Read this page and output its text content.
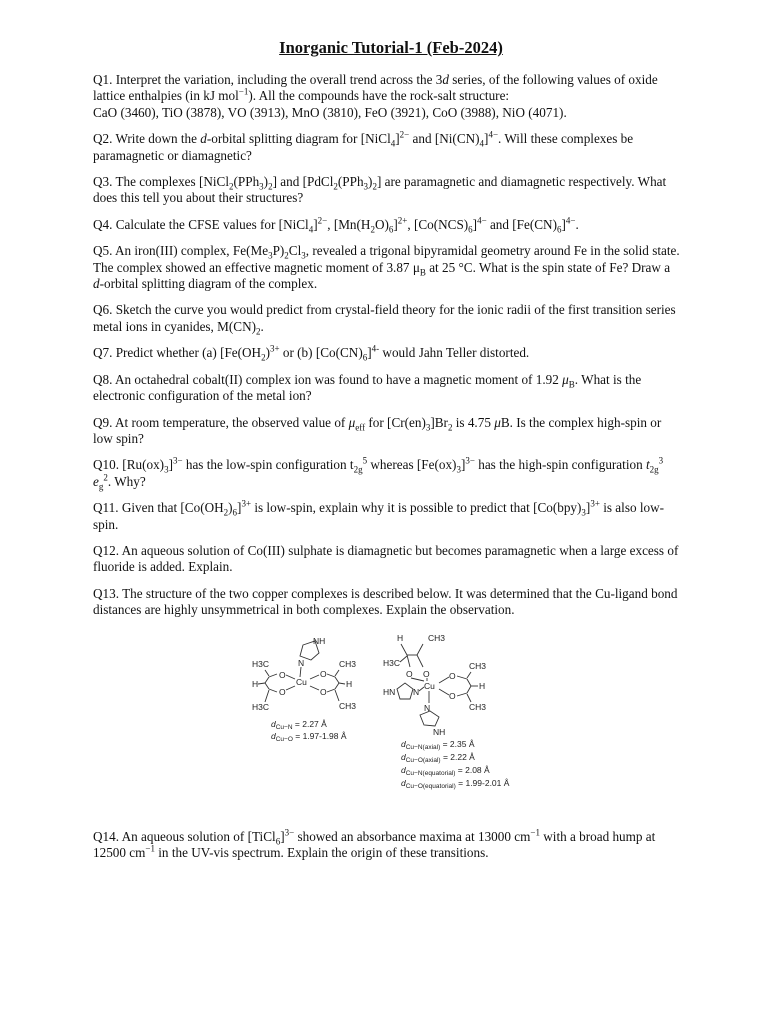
Inorganic Tutorial-1 (Feb-2024)

Q1. Interpret the variation, including the overall trend across the 3d series, of the following values of oxide lattice enthalpies (in kJ mol$^{-1}$). All the compounds have the rock-salt structure:

CaO (3460), TiO (3878), VO (3913), MnO (3810), FeO (3921), CoO (3988), NiO (4071).

Q2. Write down the d-orbital splitting diagram for [NiCl$_4$]$^{2-}$ and $[Ni(CN)_4]^{4-}$. Will these complexes be paramagnetic or diamagnetic?

Q3. The complexes $[NiCl_2(PPh_3)_2]$ and $[PdCl_2(PPh_3)_2]$ are paramagnetic and diamagnetic respectively. What does this tell you about their structures?

Q4. Calculate the CFSE values for [NiCl$_4$]$^{2-}$, $[Mn(H_2O)_6]^{2+}$, $[Co(NCS)_6]^{4-}$ and $[Fe(CN)_6]^{4-}$.

Q5. An iron(III) complex, $Fe(Me_3P)_2Cl_3$, revealed a trigonal bipyramidal geometry around Fe in the solid state. The complex showed an effective magnetic moment of 3.87 $\mu_B$ at 25 °C. What is the spin state of Fe? Draw a d-orbital splitting diagram of the complex.

Q6. Sketch the curve you would predict from crystal-field theory for the ionic radii of the first transition series metal ions in cyanides, $M(CN)_2$.

Q7. Predict whether (a) [$Fe(OH_2)^{3+}$ or (b) $[Co(CN)_6]^{4-}$ would Jahn Teller distorted.

Q8. An octahedral cobalt(II) complex ion was found to have a magnetic moment of 1.92 $\mu_B$. What is the electronic configuration of the metal ion?

Q9. At room temperature, the observed value of $\mu_{eff}$ for $[Cr(en)_3]Br_2$ is 4.75 μB. Is the complex high-spin or low spin?

Q10. $[Ru(ox)_3]^{3-}$ has the low-spin configuration $t_{2g}^5$ whereas $[Fe(ox)_3]^{3-}$ has the high-spin configuration $t_{2g}^3$ $e_g^2$. Why?

Q11. Given that $[Co(OH_2)_6]^{3+}$ is low-spin, explain why it is possible to predict that $[Co(bpy)_3]^{3+}$ is also low-spin.

Q12. An aqueous solution of Co(III) sulphate is diamagnetic but becomes paramagnetic when a large excess of fluoride is added. Explain.

Q13. The structure of the two copper complexes is described below. It was determined that the Cu-ligand bond distances are highly unsymmetrical in both complexes. Explain the observation.

NH
N
Cu
O
O
H3C
H
H3C
O
O
CH3
H
CH3
$d_{Cu-N} = 2.27$ Å
$d_{Cu-O} = 1.97-1.98$ Å
H	CH3
H3C
O O
Cu
HN N
O
O
CH3
H
CH3
N
NH
$d_{Cu-N(axial)} = 2.35$ Å
$d_{Cu-O(axial)} = 2.22$ Å
$d_{Cu-N(equatorial)} = 2.08$ Å
$d_{Cu-O(equatorial)} = 1.99-2.01$ Å

Q14. An aqueous solution of [TiCl$_6$]$^{3-}$ showed an absorbance maxima at 13000 $cm^{-1}$ with a broad hump at 12500 $cm^{-1}$ in the UV-vis spectrum. Explain the origin of these transitions.
